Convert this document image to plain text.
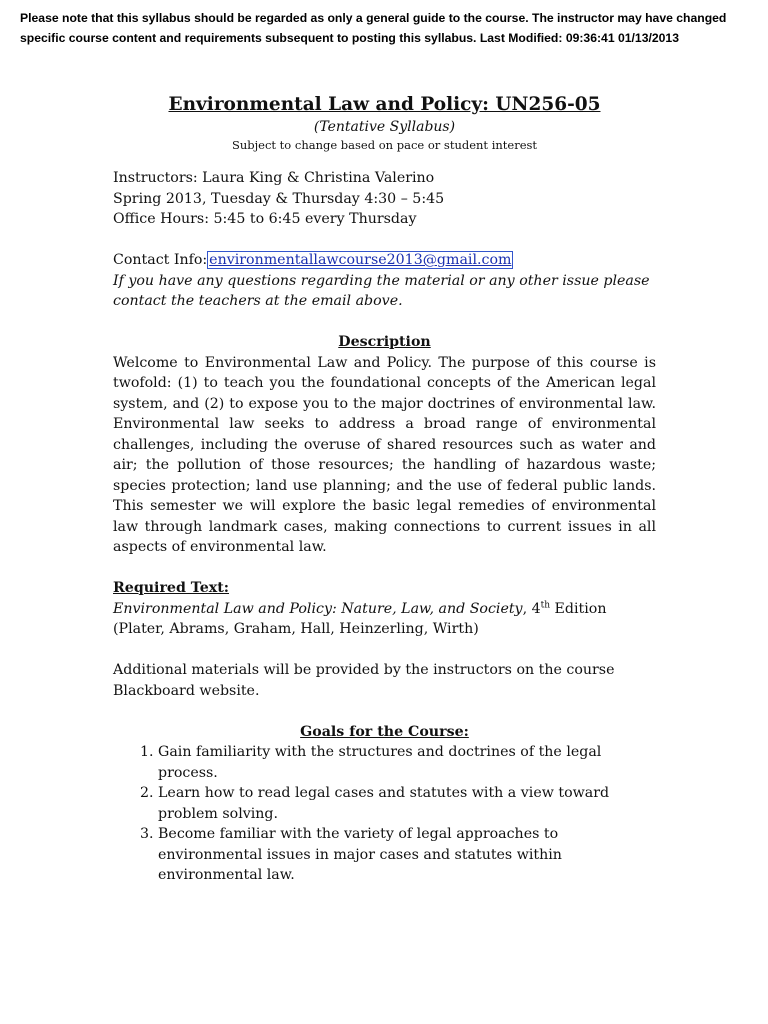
Please note that this syllabus should be regarded as only a general guide to the course. The instructor may have changed specific course content and requirements subsequent to posting this syllabus. Last Modified: 09:36:41 01/13/2013
Environmental Law and Policy: UN256-05
(Tentative Syllabus)
Subject to change based on pace or student interest
Instructors: Laura King & Christina Valerino
Spring 2013, Tuesday & Thursday 4:30 – 5:45
Office Hours: 5:45 to 6:45 every Thursday
Contact Info: environmentallawcourse2013@gmail.com
If you have any questions regarding the material or any other issue please contact the teachers at the email above.
Description
Welcome to Environmental Law and Policy. The purpose of this course is twofold: (1) to teach you the foundational concepts of the American legal system, and (2) to expose you to the major doctrines of environmental law. Environmental law seeks to address a broad range of environmental challenges, including the overuse of shared resources such as water and air; the pollution of those resources; the handling of hazardous waste; species protection; land use planning; and the use of federal public lands. This semester we will explore the basic legal remedies of environmental law through landmark cases, making connections to current issues in all aspects of environmental law.
Required Text:
Environmental Law and Policy: Nature, Law, and Society, 4th Edition
(Plater, Abrams, Graham, Hall, Heinzerling, Wirth)
Additional materials will be provided by the instructors on the course Blackboard website.
Goals for the Course:
1. Gain familiarity with the structures and doctrines of the legal process.
2. Learn how to read legal cases and statutes with a view toward problem solving.
3. Become familiar with the variety of legal approaches to environmental issues in major cases and statutes within environmental law.
